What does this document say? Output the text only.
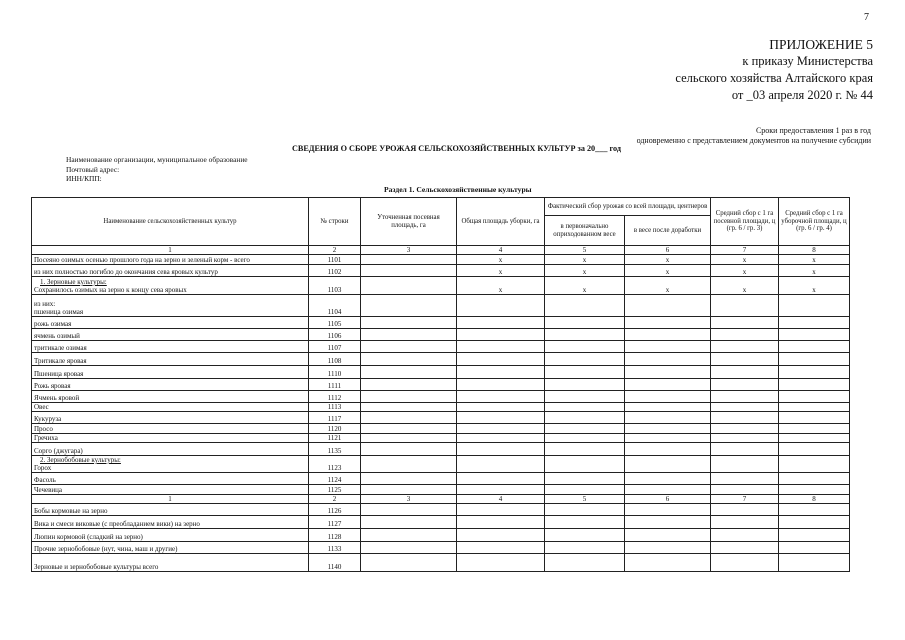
7
ПРИЛОЖЕНИЕ 5
к приказу Министерства
сельского хозяйства Алтайского края
от _03 апреля 2020 г. № 44
Сроки предоставления 1 раз в год
одновременно с представлением документов на получение субсидии
СВЕДЕНИЯ О СБОРЕ УРОЖАЯ СЕЛЬСКОХОЗЯЙСТВЕННЫХ КУЛЬТУР за 20___ год
Наименование организации, муниципальное образование
Почтовый адрес:
ИНН/КПП:
Раздел 1. Сельскохозяйственные культуры
Наименование сельскохозяйственных культур	№ строки	Уточненная посевная площадь, га	Общая площадь уборки, га	Фактический сбор урожая со всей площади, центнеров		Средний сбор с 1 га посевной площади, ц (гр. 6 / гр. 3)	Средний сбор с 1 га уборочной площади, ц (гр. 6 / гр. 4)
				в первоначально оприходованном весе	в весе после доработки		
1	2	3	4	5	6	7	8

Посеяно озимых осенью прошлого года на зерно и зеленый корм - всего	1101		x	x	x	x	x

из них полностью погибло до окончания сева яровых культур	1102		x	x	x	x	x

1. Зерновые культуры:
Сохранилось озимых на зерно к концу сева яровых	1103		x	x	x	x	x

из них:
пшеница озимая	1104						

рожь озимая	1105						

ячмень озимый	1106						

тритикале озимая	1107						

Тритикале яровая	1108						

Пшеница яровая	1110						

Рожь яровая	1111						

Ячмень яровой	1112						

Овес	1113						

Кукуруза	1117						

Просо	1120						

Гречиха	1121						

Сорго (джугара)	1135						

2. Зернобобовые культуры:
Горох	1123						

Фасоль	1124						

Чечевица	1125						
1	2	3	4	5	6	7	8

Бобы кормовые на зерно	1126						

Вика и смеси виковые (с преобладанием вики) на зерно	1127						

Люпин кормовой (сладкий на зерно)	1128						

Прочие зернобобовые (нут, чина, маш и другие)	1133						

Зерновые и зернобобовые культуры всего	1140						
